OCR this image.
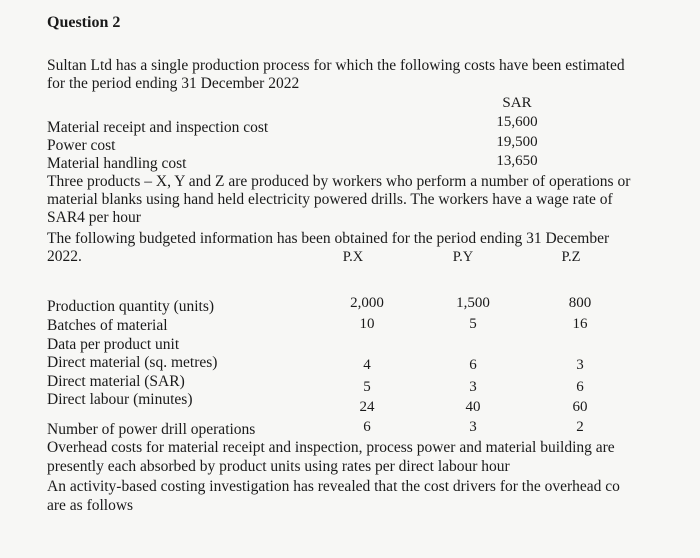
Question 2
Sultan Ltd has a single production process for which the following costs have been estimated
for the period ending 31 December 2022
SAR
Material receipt and inspection cost	15,600
Power cost	19,500
Material handling cost	13,650
Three products – X, Y and Z are produced by workers who perform a number of operations or
material blanks using hand held electricity powered drills. The workers have a wage rate of
SAR4 per hour
The following budgeted information has been obtained for the period ending 31 December
2022.	P.X	P.Y	P.Z
Production quantity (units)	2,000	1,500	800
Batches of material	10	5	16
Data per product unit
Direct material (sq. metres)	4	6	3
Direct material (SAR)	5	3	6
Direct labour (minutes)	24	40	60
Number of power drill operations	6	3	2
Overhead costs for material receipt and inspection, process power and material building are
presently each absorbed by product units using rates per direct labour hour
An activity-based costing investigation has revealed that the cost drivers for the overhead co
are as follows
